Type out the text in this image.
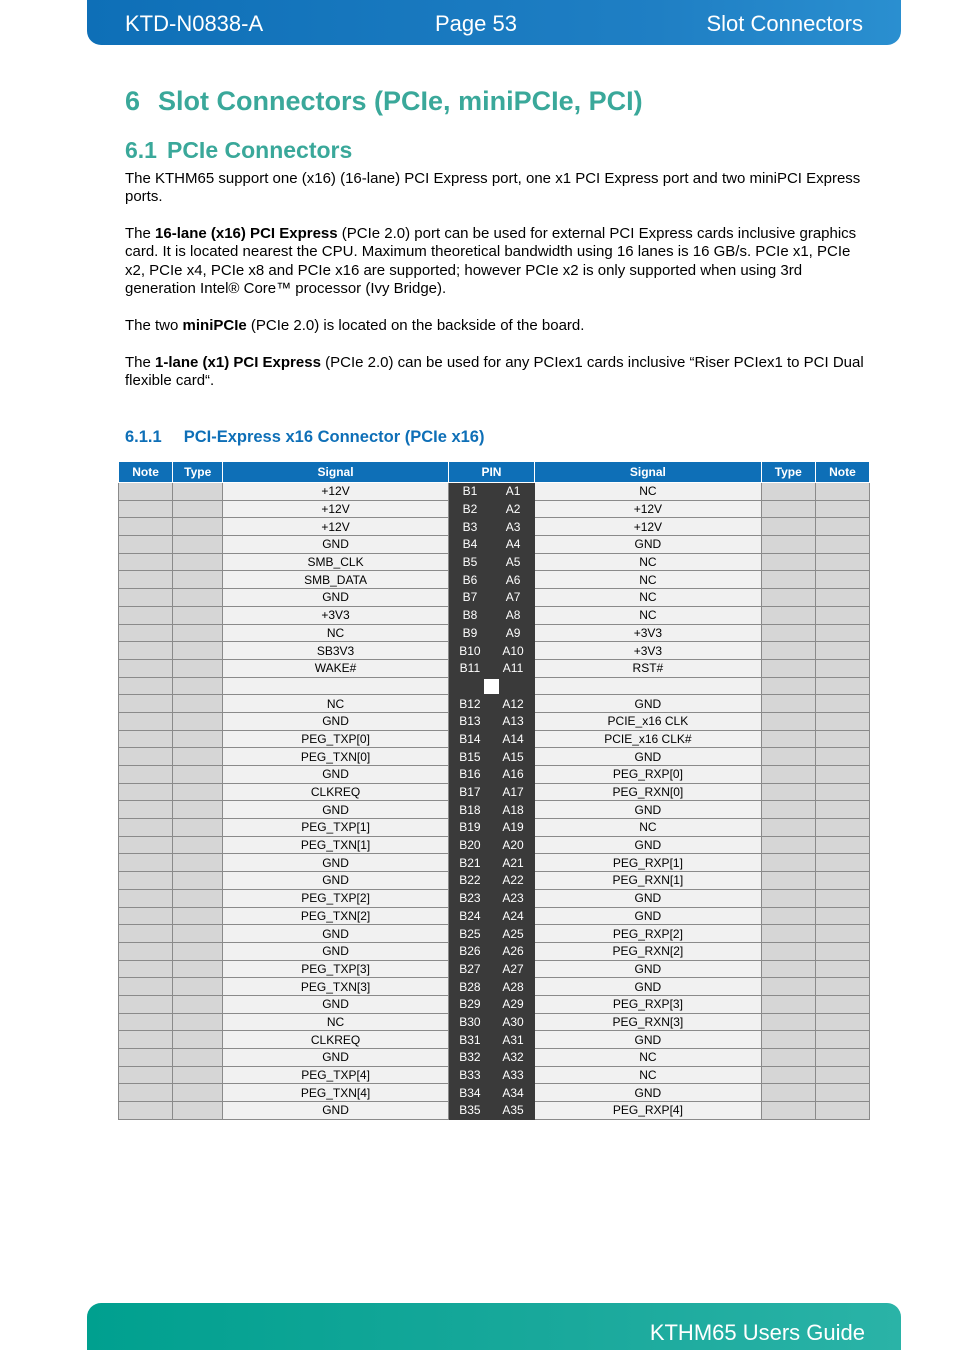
KTD-N0838-A	Page 53	Slot Connectors
6 Slot Connectors (PCIe, miniPCIe, PCI)
6.1 PCIe Connectors

The KTHM65 support one (x16) (16-lane) PCI Express port, one x1 PCI Express port and two miniPCI Express ports.

The 16-lane (x16) PCI Express (PCIe 2.0) port can be used for external PCI Express cards inclusive graphics card. It is located nearest the CPU. Maximum theoretical bandwidth using 16 lanes is 16 GB/s. PCIe x1, PCIe x2, PCIe x4, PCIe x8 and PCIe x16 are supported; however PCIe x2 is only supported when using 3rd generation Intel® Core™ processor (Ivy Bridge).

The two miniPCIe (PCIe 2.0) is located on the backside of the board.

The 1-lane (x1) PCI Express (PCIe 2.0) can be used for any PCIex1 cards inclusive “Riser PCIex1 to PCI Dual flexible card“.

6.1.1 PCI-Express x16 Connector (PCIe x16)
Note	Type	Signal	PIN		Signal	Type	Note
		+12V	B1	A1	NC		
		+12V	B2	A2	+12V		
		+12V	B3	A3	+12V		
		GND	B4	A4	GND		
		SMB_CLK	B5	A5	NC		
		SMB_DATA	B6	A6	NC		
		GND	B7	A7	NC		
		+3V3	B8	A8	NC		
		NC	B9	A9	+3V3		
		SB3V3	B10	A10	+3V3		
		WAKE#	B11	A11	RST#		

		NC	B12	A12	GND		
		GND	B13	A13	PCIE_x16 CLK		
		PEG_TXP[0]	B14	A14	PCIE_x16 CLK#		
		PEG_TXN[0]	B15	A15	GND		
		GND	B16	A16	PEG_RXP[0]		
		CLKREQ	B17	A17	PEG_RXN[0]		
		GND	B18	A18	GND		
		PEG_TXP[1]	B19	A19	NC		
		PEG_TXN[1]	B20	A20	GND		
		GND	B21	A21	PEG_RXP[1]		
		GND	B22	A22	PEG_RXN[1]		
		PEG_TXP[2]	B23	A23	GND		
		PEG_TXN[2]	B24	A24	GND		
		GND	B25	A25	PEG_RXP[2]		
		GND	B26	A26	PEG_RXN[2]		
		PEG_TXP[3]	B27	A27	GND		
		PEG_TXN[3]	B28	A28	GND		
		GND	B29	A29	PEG_RXP[3]		
		NC	B30	A30	PEG_RXN[3]		
		CLKREQ	B31	A31	GND		
		GND	B32	A32	NC		
		PEG_TXP[4]	B33	A33	NC		
		PEG_TXN[4]	B34	A34	GND		
		GND	B35	A35	PEG_RXP[4]		
KTHM65 Users Guide
